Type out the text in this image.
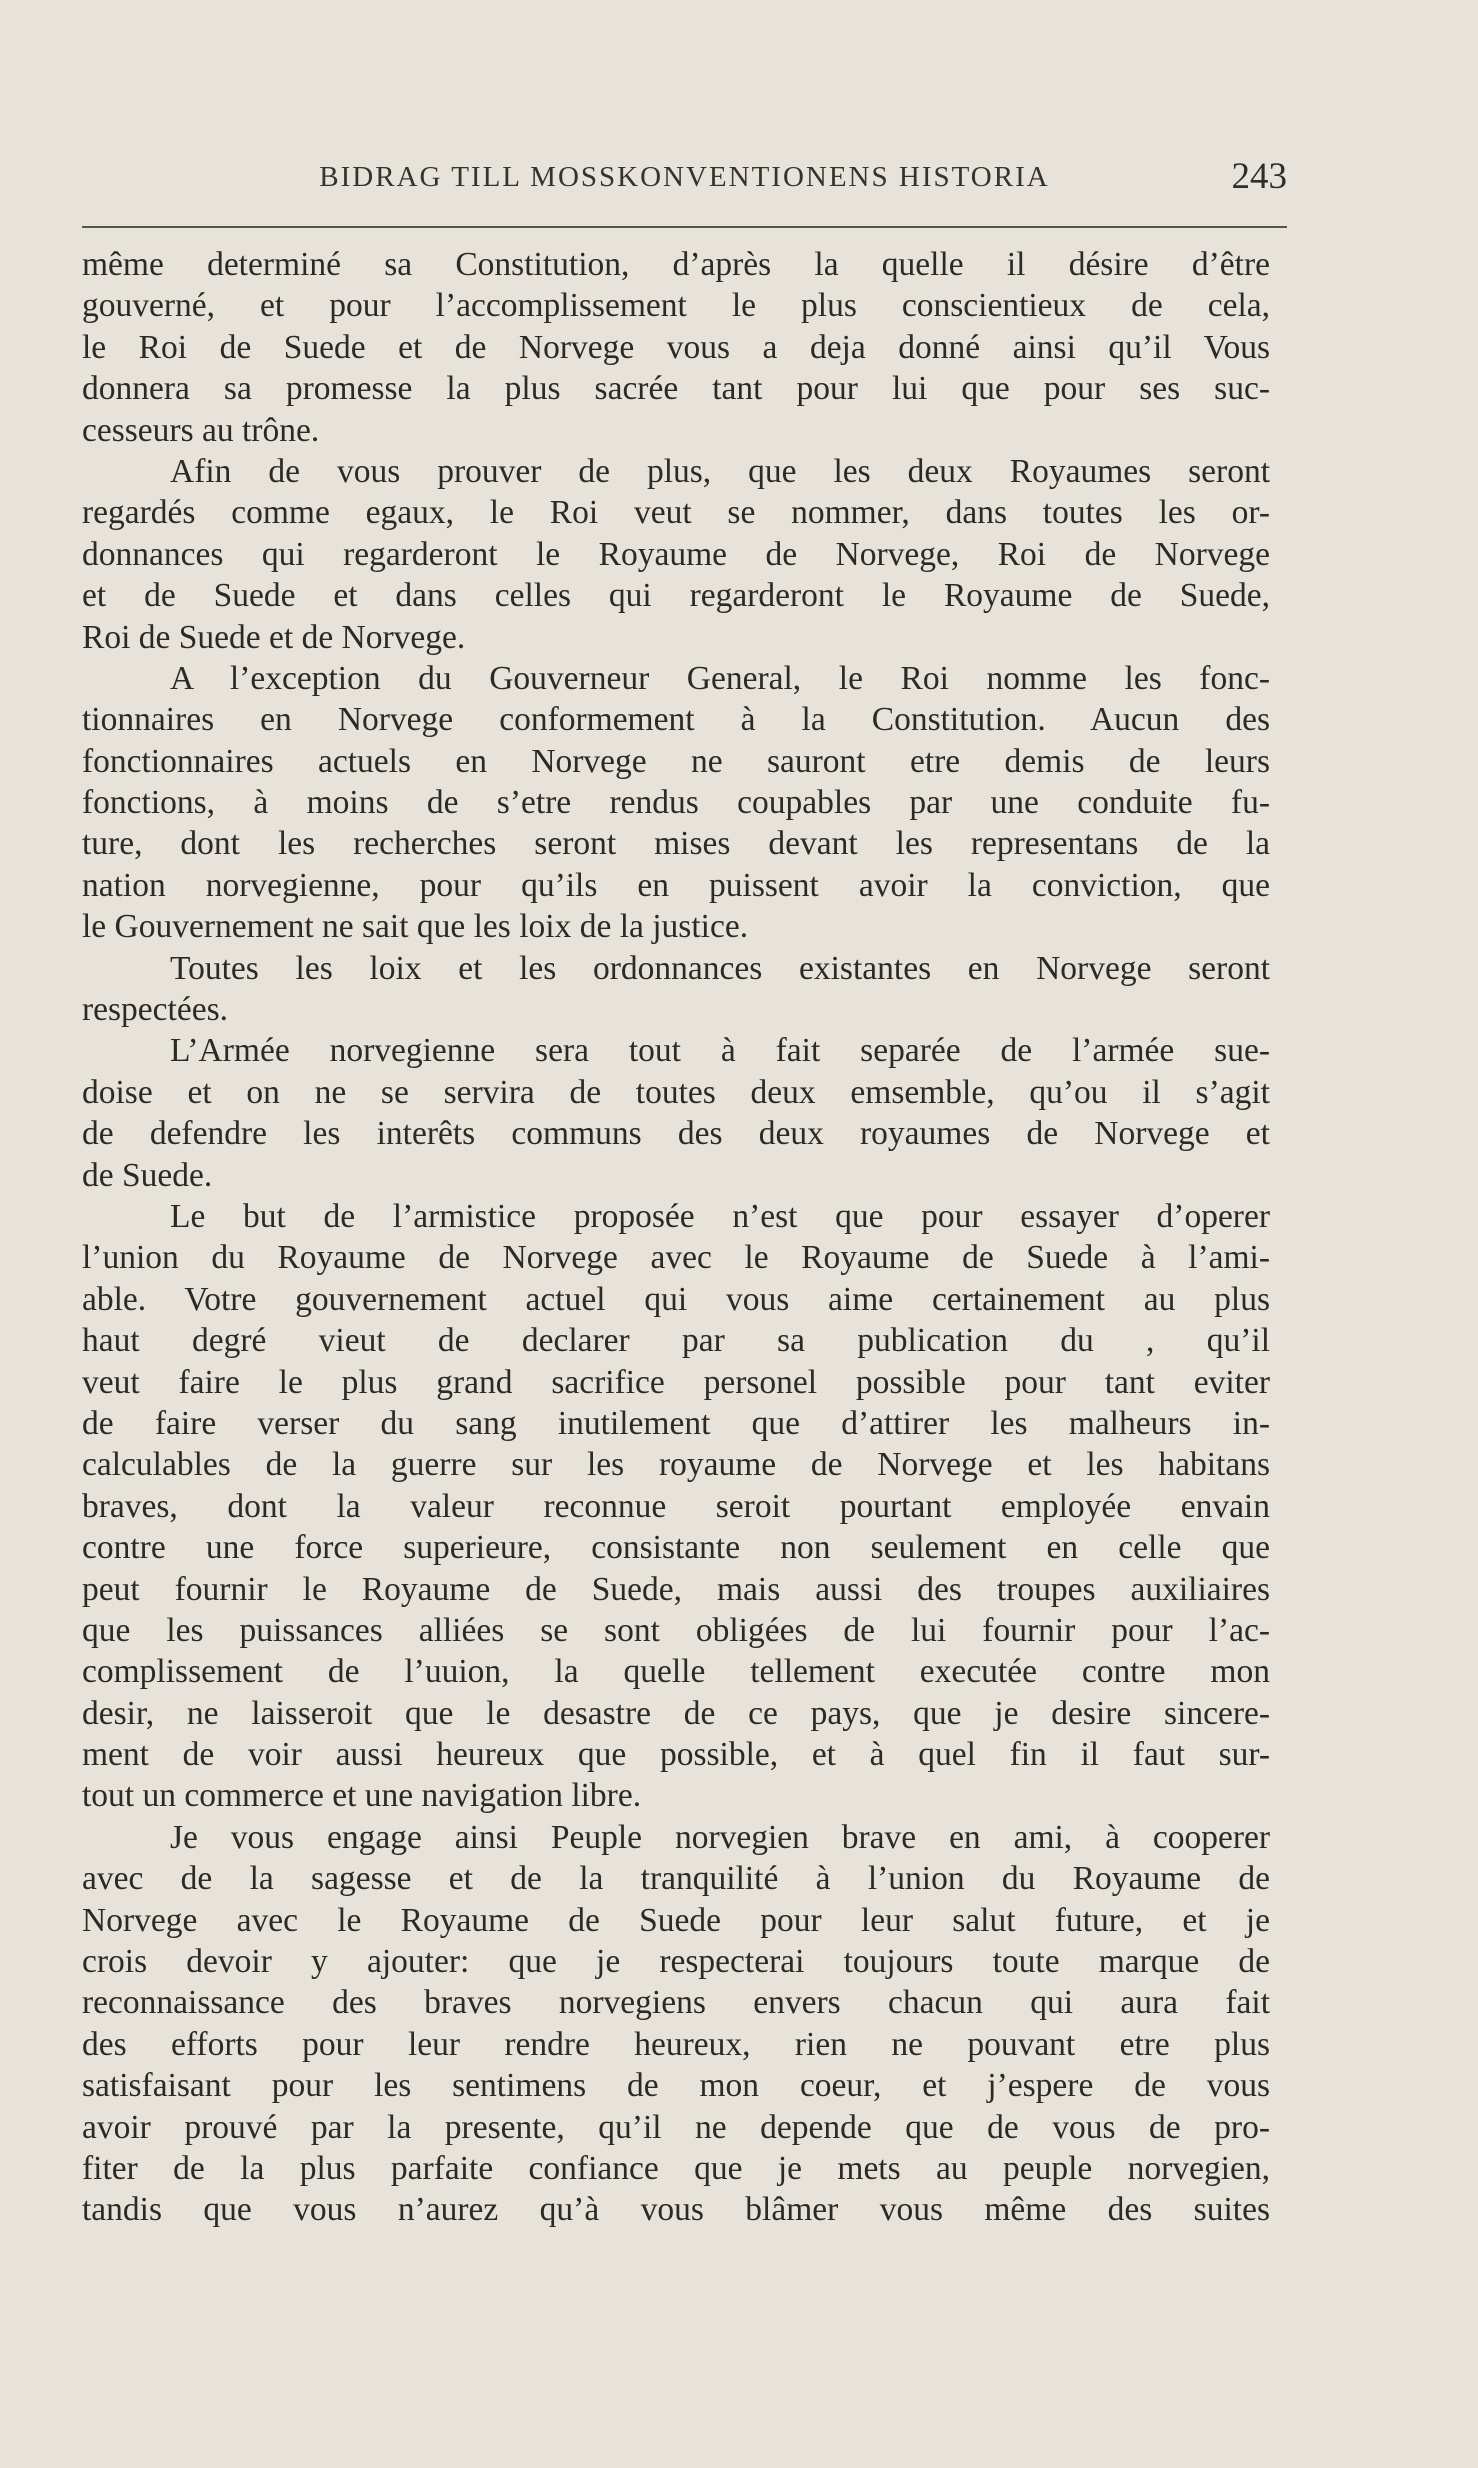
BIDRAG TILL MOSSKONVENTIONENS HISTORIA	243
même determiné sa Constitution, d’après la quelle il désire d’être
gouverné, et pour l’accomplissement le plus conscientieux de cela,
le Roi de Suede et de Norvege vous a deja donné ainsi qu’il Vous
donnera sa promesse la plus sacrée tant pour lui que pour ses suc-
cesseurs au trône.
Afin de vous prouver de plus, que les deux Royaumes seront
regardés comme egaux, le Roi veut se nommer, dans toutes les or-
donnances qui regarderont le Royaume de Norvege, Roi de Norvege
et de Suede et dans celles qui regarderont le Royaume de Suede,
Roi de Suede et de Norvege.
A l’exception du Gouverneur General, le Roi nomme les fonc-
tionnaires en Norvege conformement à la Constitution. Aucun des
fonctionnaires actuels en Norvege ne sauront etre demis de leurs
fonctions, à moins de s’etre rendus coupables par une conduite fu-
ture, dont les recherches seront mises devant les representans de la
nation norvegienne, pour qu’ils en puissent avoir la conviction, que
le Gouvernement ne sait que les loix de la justice.
Toutes les loix et les ordonnances existantes en Norvege seront
respectées.
L’Armée norvegienne sera tout à fait separée de l’armée sue-
doise et on ne se servira de toutes deux emsemble, qu’ou il s’agit
de defendre les interêts communs des deux royaumes de Norvege et
de Suede.
Le but de l’armistice proposée n’est que pour essayer d’operer
l’union du Royaume de Norvege avec le Royaume de Suede à l’ami-
able. Votre gouvernement actuel qui vous aime certainement au plus
haut degré vieut de declarer par sa publication du , qu’il
veut faire le plus grand sacrifice personel possible pour tant eviter
de faire verser du sang inutilement que d’attirer les malheurs in-
calculables de la guerre sur les royaume de Norvege et les habitans
braves, dont la valeur reconnue seroit pourtant employée envain
contre une force superieure, consistante non seulement en celle que
peut fournir le Royaume de Suede, mais aussi des troupes auxiliaires
que les puissances alliées se sont obligées de lui fournir pour l’ac-
complissement de l’uuion, la quelle tellement executée contre mon
desir, ne laisseroit que le desastre de ce pays, que je desire sincere-
ment de voir aussi heureux que possible, et à quel fin il faut sur-
tout un commerce et une navigation libre.
Je vous engage ainsi Peuple norvegien brave en ami, à cooperer
avec de la sagesse et de la tranquilité à l’union du Royaume de
Norvege avec le Royaume de Suede pour leur salut future, et je
crois devoir y ajouter: que je respecterai toujours toute marque de
reconnaissance des braves norvegiens envers chacun qui aura fait
des efforts pour leur rendre heureux, rien ne pouvant etre plus
satisfaisant pour les sentimens de mon coeur, et j’espere de vous
avoir prouvé par la presente, qu’il ne depende que de vous de pro-
fiter de la plus parfaite confiance que je mets au peuple norvegien,
tandis que vous n’aurez qu’à vous blâmer vous même des suites
